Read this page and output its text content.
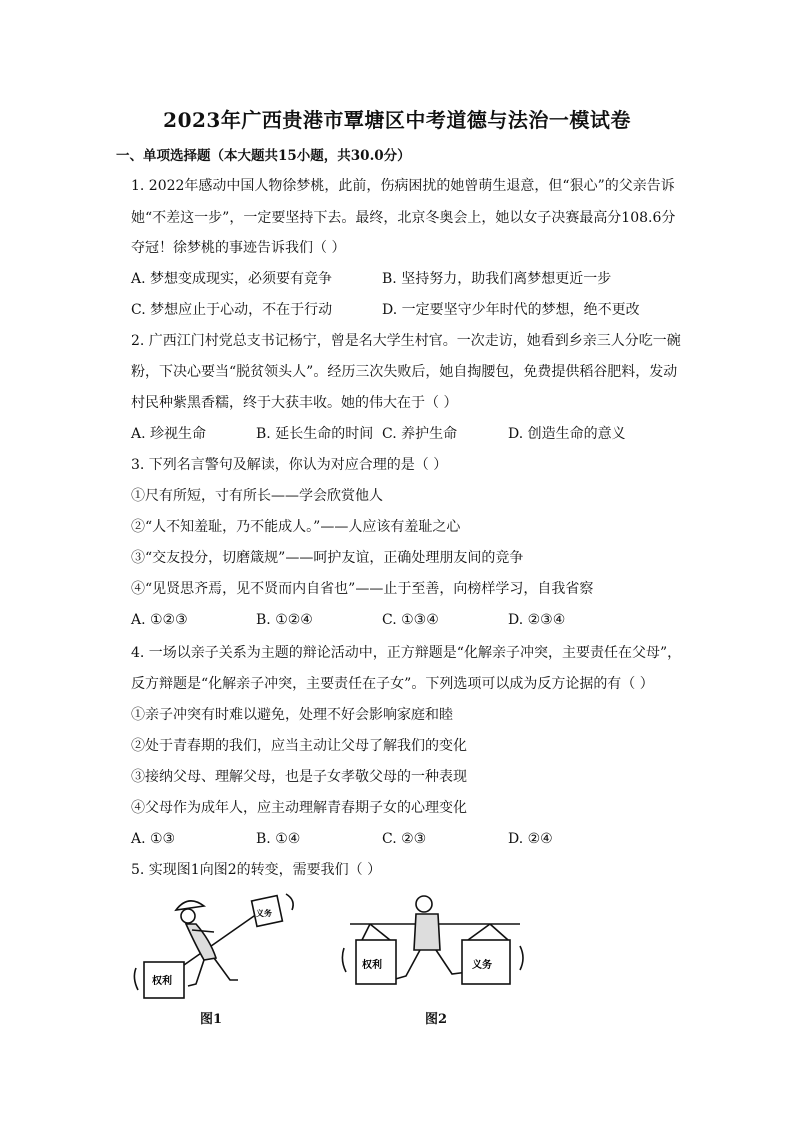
2023年广西贵港市覃塘区中考道德与法治一模试卷
一、单项选择题（本大题共15小题，共30.0分）
1. 2022年感动中国人物徐梦桃，此前，伤病困扰的她曾萌生退意，但“狠心”的父亲告诉
她“不差这一步”，一定要坚持下去。最终，北京冬奥会上，她以女子决赛最高分108.6分
夺冠！徐梦桃的事迹告诉我们（ ）
A. 梦想变成现实，必须要有竞争	B. 坚持努力，助我们离梦想更近一步
C. 梦想应止于心动，不在于行动	D. 一定要坚守少年时代的梦想，绝不更改
2. 广西江门村党总支书记杨宁，曾是名大学生村官。一次走访，她看到乡亲三人分吃一碗
粉，下决心要当“脱贫领头人”。经历三次失败后，她自掏腰包，免费提供稻谷肥料，发动
村民种紫黑香糯，终于大获丰收。她的伟大在于（ ）
A. 珍视生命	B. 延长生命的时间 C. 养护生命	D. 创造生命的意义
3. 下列名言警句及解读，你认为对应合理的是（ ）
①尺有所短，寸有所长——学会欣赏他人
②“人不知羞耻，乃不能成人。”——人应该有羞耻之心
③“交友投分，切磨箴规”——呵护友谊，正确处理朋友间的竞争
④“见贤思齐焉，见不贤而内自省也”——止于至善，向榜样学习，自我省察
A. ①②③	B. ①②④	C. ①③④	D. ②③④
4. 一场以亲子关系为主题的辩论活动中，正方辩题是“化解亲子冲突，主要责任在父母”，
反方辩题是“化解亲子冲突，主要责任在子女”。下列选项可以成为反方论据的有（ ）
①亲子冲突有时难以避免，处理不好会影响家庭和睦
②处于青春期的我们，应当主动让父母了解我们的变化
③接纳父母、理解父母，也是子女孝敬父母的一种表现
④父母作为成年人，应主动理解青春期子女的心理变化
A. ①③	B. ①④	C. ②③	D. ②④
5. 实现图1向图2的转变，需要我们（ ）
权利
义务
图1
权利	义务
图2
